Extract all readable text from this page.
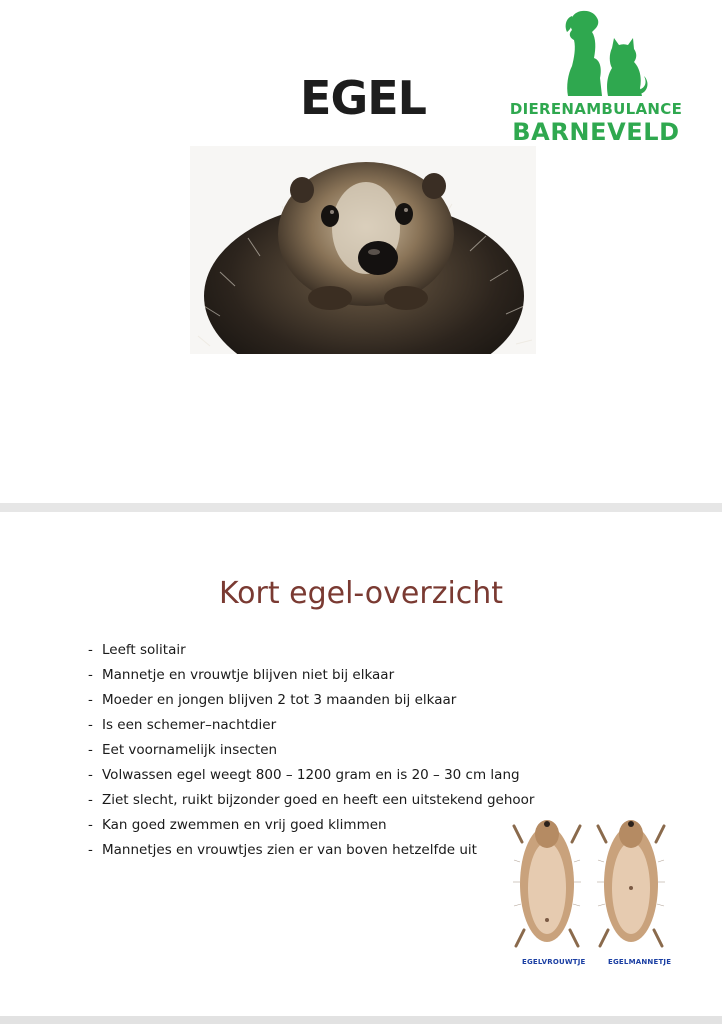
EGEL	DIERENAMBULANCE
BARNEVELD
Kort egel-overzicht
- Leeft solitair
- Mannetje en vrouwtje blijven niet bij elkaar
- Moeder en jongen blijven 2 tot 3 maanden bij elkaar
- Is een schemer–nachtdier
- Eet voornamelijk insecten
- Volwassen egel weegt 800 – 1200 gram en is 20 – 30 cm lang
- Ziet slecht, ruikt bijzonder goed en heeft een uitstekend gehoor
- Kan goed zwemmen en vrij goed klimmen
- Mannetjes en vrouwtjes zien er van boven hetzelfde uit
EGELVROUWTJE	EGELMANNETJE
